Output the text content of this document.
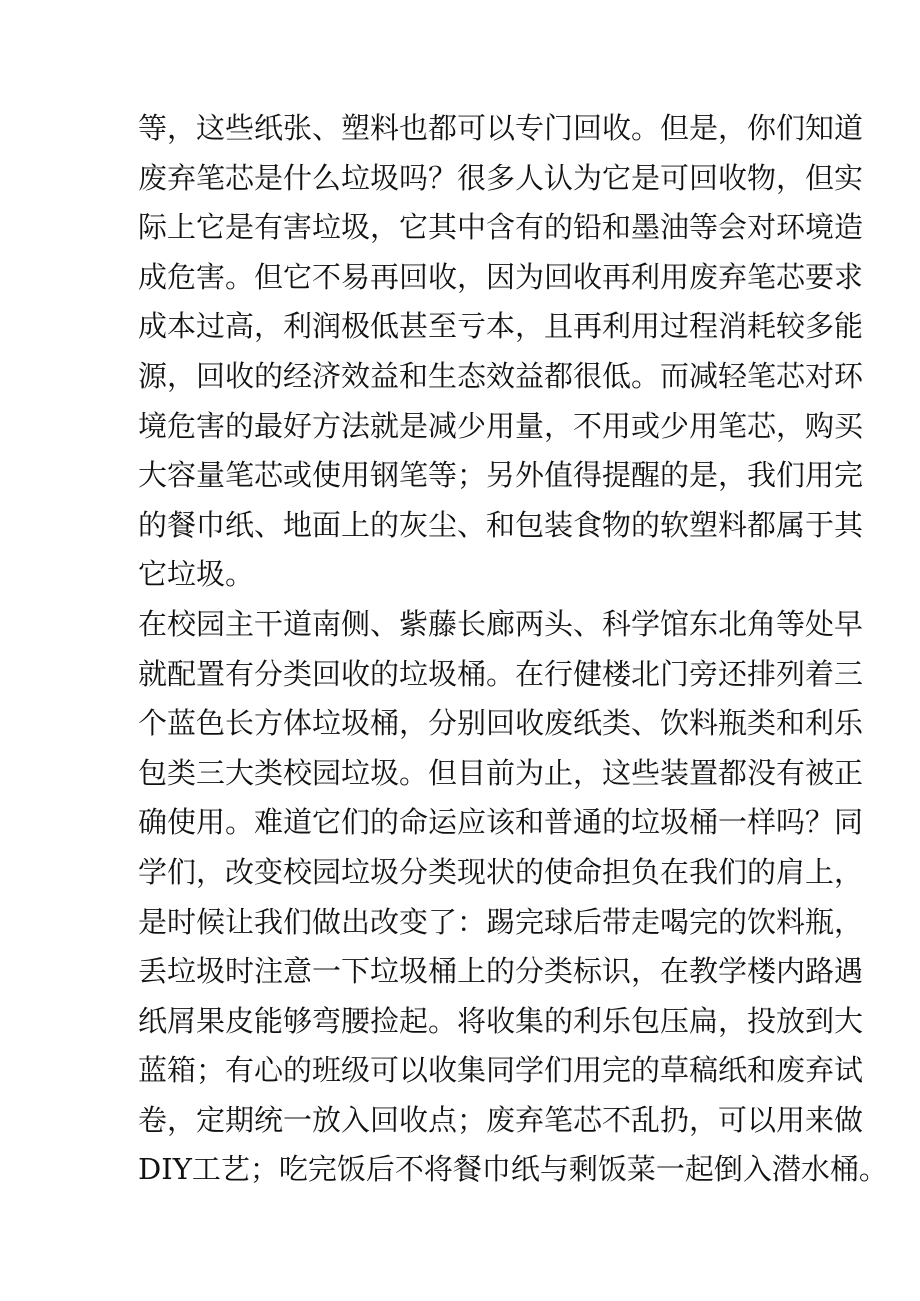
等，这些纸张、塑料也都可以专门回收。但是，你们知道
废弃笔芯是什么垃圾吗？很多人认为它是可回收物，但实
际上它是有害垃圾，它其中含有的铅和墨油等会对环境造
成危害。但它不易再回收，因为回收再利用废弃笔芯要求
成本过高，利润极低甚至亏本，且再利用过程消耗较多能
源，回收的经济效益和生态效益都很低。而减轻笔芯对环
境危害的最好方法就是减少用量，不用或少用笔芯，购买
大容量笔芯或使用钢笔等；另外值得提醒的是，我们用完
的餐巾纸、地面上的灰尘、和包装食物的软塑料都属于其
它垃圾。
在校园主干道南侧、紫藤长廊两头、科学馆东北角等处早
就配置有分类回收的垃圾桶。在行健楼北门旁还排列着三
个蓝色长方体垃圾桶，分别回收废纸类、饮料瓶类和利乐
包类三大类校园垃圾。但目前为止，这些装置都没有被正
确使用。难道它们的命运应该和普通的垃圾桶一样吗？同
学们，改变校园垃圾分类现状的使命担负在我们的肩上，
是时候让我们做出改变了：踢完球后带走喝完的饮料瓶，
丢垃圾时注意一下垃圾桶上的分类标识，在教学楼内路遇
纸屑果皮能够弯腰捡起。将收集的利乐包压扁，投放到大
蓝箱；有心的班级可以收集同学们用完的草稿纸和废弃试
卷，定期统一放入回收点；废弃笔芯不乱扔，可以用来做
DIY工艺；吃完饭后不将餐巾纸与剩饭菜一起倒入潜水桶。
